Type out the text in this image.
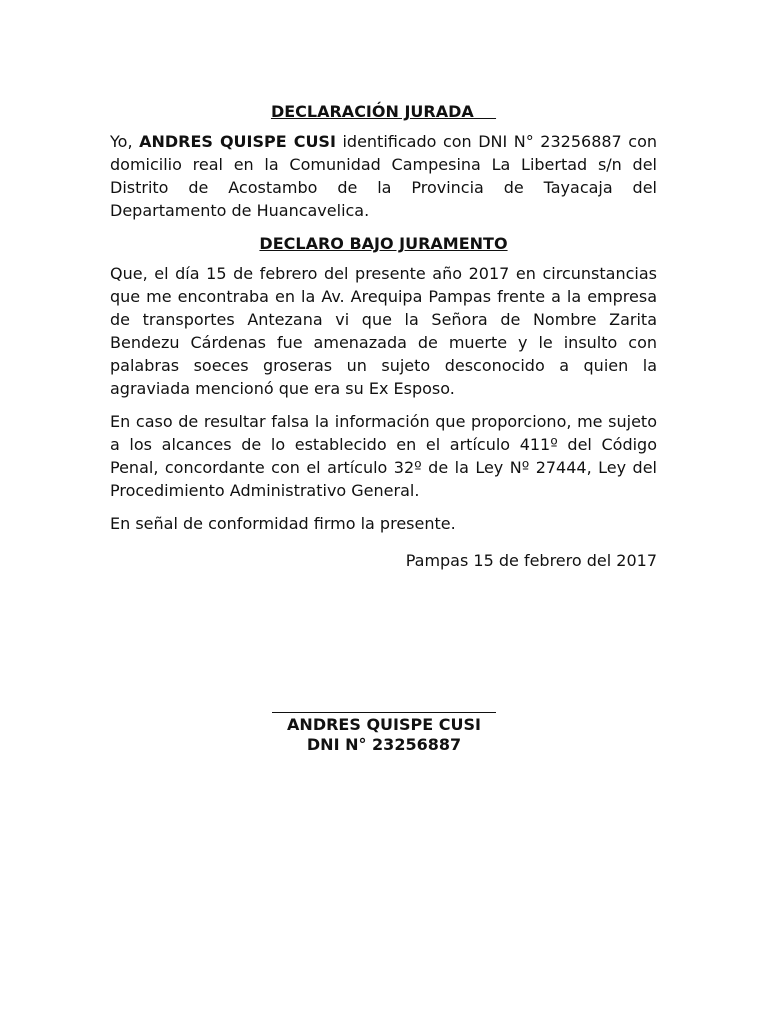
DECLARACIÓN JURADA

Yo, ANDRES QUISPE CUSI identificado con DNI N° 23256887 con domicilio real en la Comunidad Campesina La Libertad s/n del Distrito de Acostambo de la Provincia de Tayacaja del Departamento de Huancavelica.

DECLARO BAJO JURAMENTO

Que, el día 15 de febrero del presente año 2017 en circunstancias que me encontraba en la Av. Arequipa Pampas frente a la empresa de transportes Antezana vi que la Señora de Nombre Zarita Bendezu Cárdenas fue amenazada de muerte y le insulto con palabras soeces groseras un sujeto desconocido a quien la agraviada mencionó que era su Ex Esposo.

En caso de resultar falsa la información que proporciono, me sujeto a los alcances de lo establecido en el artículo 411º del Código Penal, concordante con el artículo 32º de la Ley Nº 27444, Ley del Procedimiento Administrativo General.

En señal de conformidad firmo la presente.

Pampas 15 de febrero del 2017
ANDRES QUISPE CUSI
DNI N° 23256887
